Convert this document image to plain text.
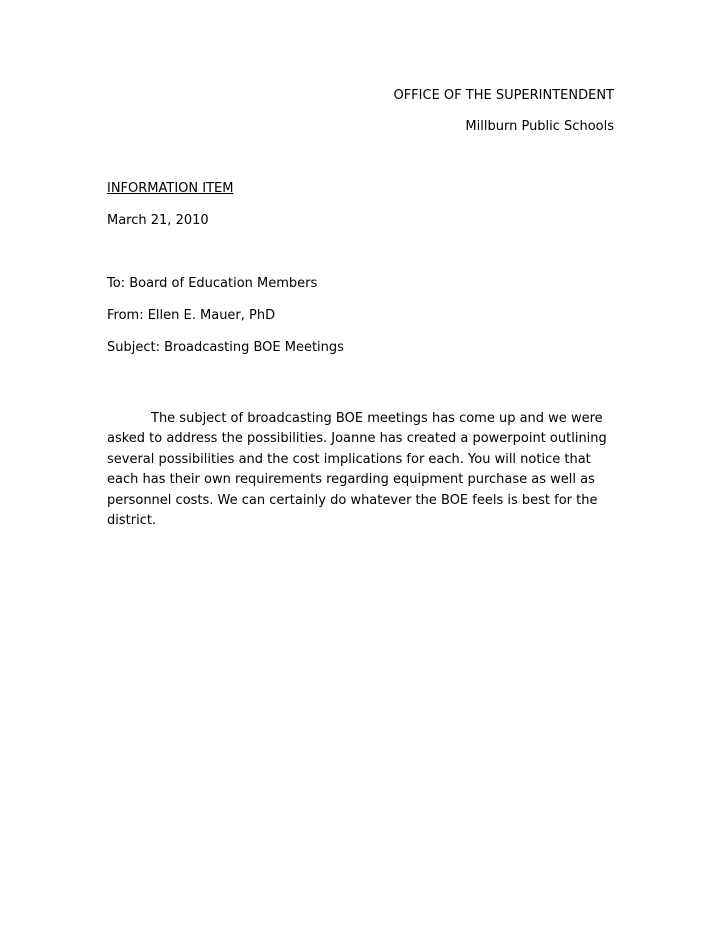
OFFICE OF THE SUPERINTENDENT
Millburn Public Schools
INFORMATION ITEM
March 21, 2010
To: Board of Education Members
From: Ellen E. Mauer, PhD
Subject: Broadcasting BOE Meetings

The subject of broadcasting BOE meetings has come up and we were asked to address the possibilities. Joanne has created a powerpoint outlining several possibilities and the cost implications for each. You will notice that each has their own requirements regarding equipment purchase as well as personnel costs. We can certainly do whatever the BOE feels is best for the district.
